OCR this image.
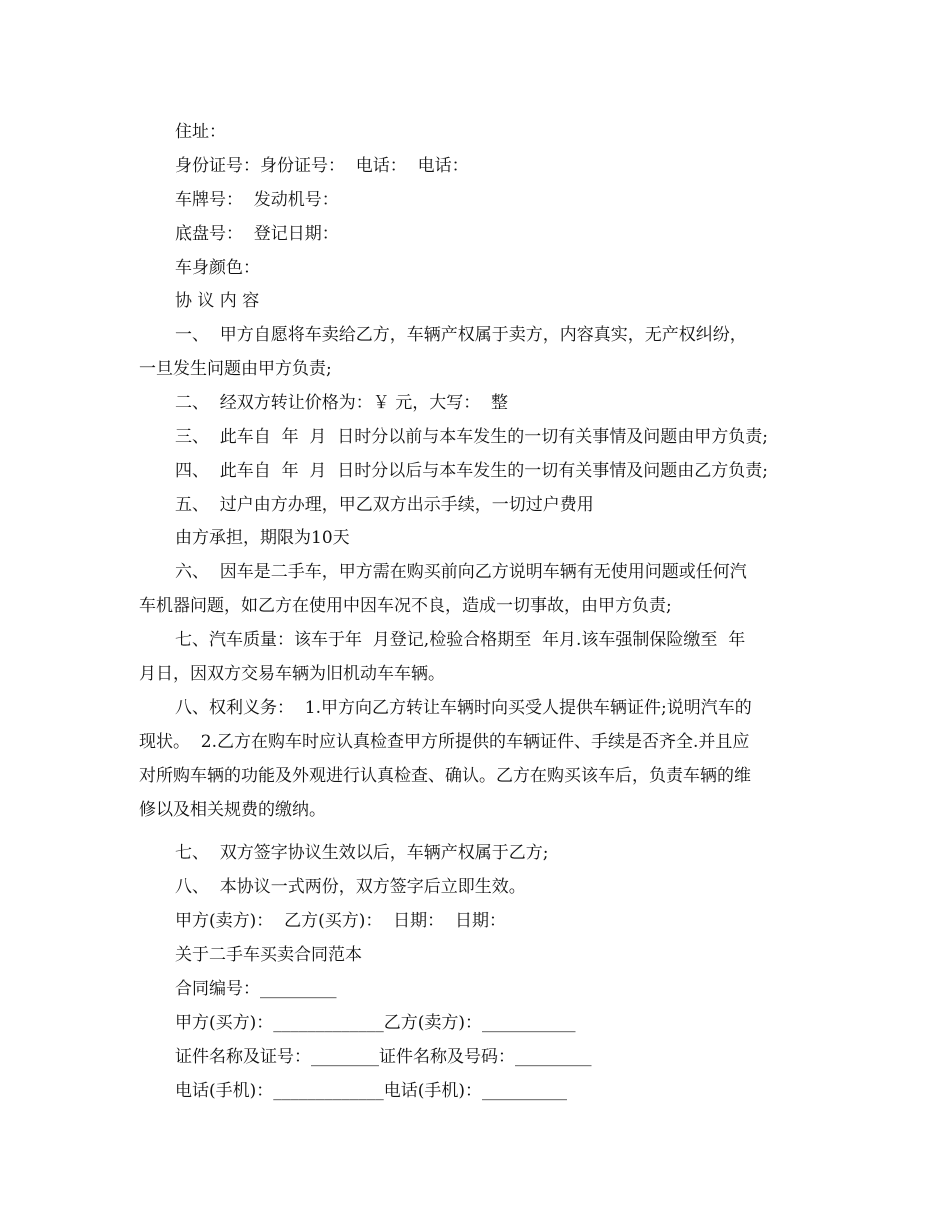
住址：
身份证号：身份证号：  电话：  电话：
车牌号：  发动机号：
底盘号：  登记日期：
车身颜色：
协 议 内 容
一、  甲方自愿将车卖给乙方，车辆产权属于卖方，内容真实，无产权纠纷，
一旦发生问题由甲方负责;
二、  经双方转让价格为：￥ 元，大写：  整
三、  此车自  年  月  日时分以前与本车发生的一切有关事情及问题由甲方负责;
四、  此车自  年  月  日时分以后与本车发生的一切有关事情及问题由乙方负责;
五、  过户由方办理，甲乙双方出示手续，一切过户费用
由方承担，期限为10天
六、  因车是二手车，甲方需在购买前向乙方说明车辆有无使用问题或任何汽
车机器问题，如乙方在使用中因车况不良，造成一切事故，由甲方负责;
七、汽车质量：该车于年  月登记,检验合格期至  年月.该车强制保险缴至  年
月日，因双方交易车辆为旧机动车车辆。
八、权利义务：  1.甲方向乙方转让车辆时向买受人提供车辆证件;说明汽车的
现状。  2.乙方在购车时应认真检查甲方所提供的车辆证件、手续是否齐全.并且应
对所购车辆的功能及外观进行认真检查、确认。乙方在购买该车后，负责车辆的维
修以及相关规费的缴纳。
七、  双方签字协议生效以后，车辆产权属于乙方;
八、  本协议一式两份，双方签字后立即生效。
甲方(卖方)：  乙方(买方)：  日期：  日期：
关于二手车买卖合同范本
合同编号：_________
甲方(买方)：_____________乙方(卖方)：___________
证件名称及证号：________证件名称及号码：_________
电话(手机)：_____________电话(手机)：__________
